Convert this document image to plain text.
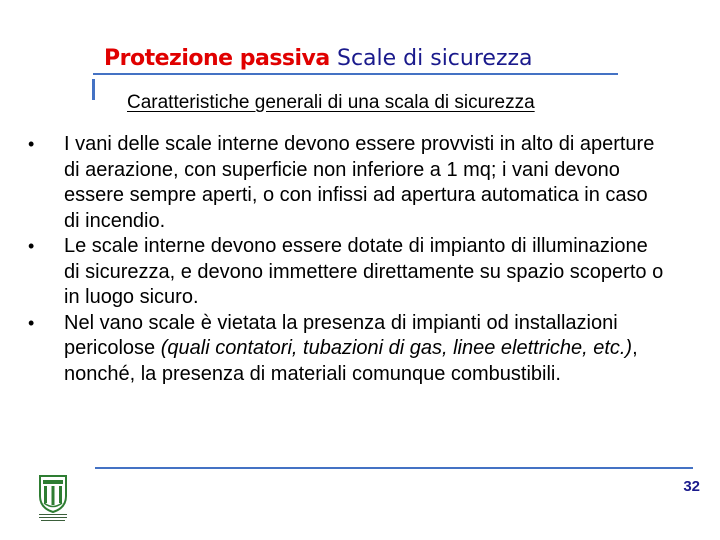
Protezione passiva Scale di sicurezza
Caratteristiche generali di una scala di sicurezza
•	I vani delle scale interne devono essere provvisti in alto di aperture di aerazione, con superficie non inferiore a 1 mq; i vani devono essere sempre aperti, o con infissi ad apertura automatica in caso di incendio.
•	Le scale interne devono essere dotate di impianto di illuminazione di sicurezza, e devono immettere direttamente su spazio scoperto o in luogo sicuro.
•	Nel vano scale è vietata la presenza di impianti od installazioni pericolose (quali contatori, tubazioni di gas, linee elettriche, etc.), nonché, la presenza di materiali comunque combustibili.
32
